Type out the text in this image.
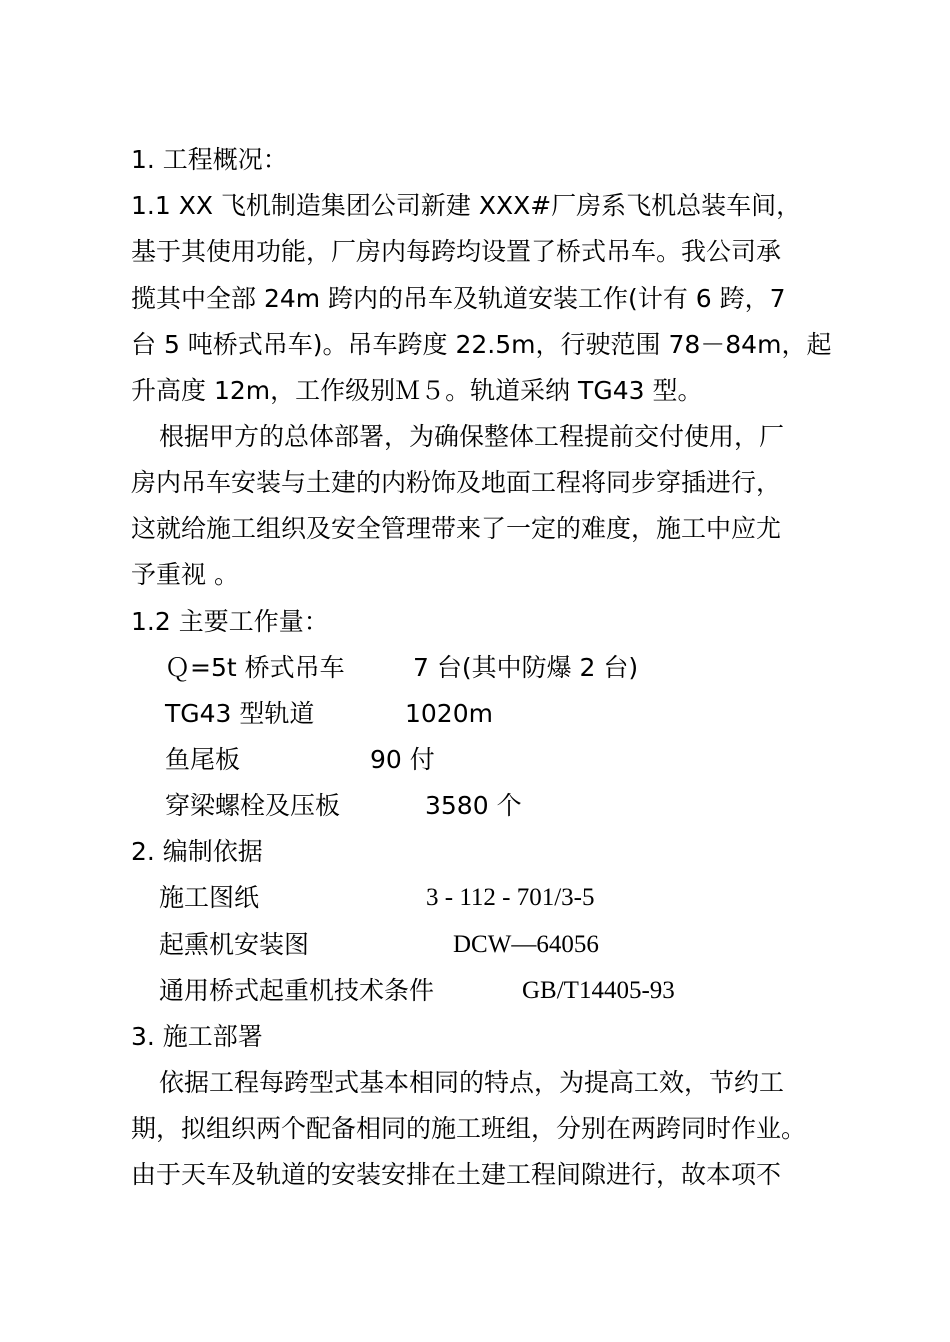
1. 工程概况：
1.1 XX 飞机制造集团公司新建 XXX#厂房系飞机总装车间，
基于其使用功能，厂房内每跨均设置了桥式吊车。我公司承
揽其中全部 24m 跨内的吊车及轨道安装工作(计有 6 跨，7
台 5 吨桥式吊车)。吊车跨度 22.5m，行驶范围 78－84m，起
升高度 12m，工作级别Ｍ５。轨道采纳 TG43 型。
根据甲方的总体部署，为确保整体工程提前交付使用，厂
房内吊车安装与土建的内粉饰及地面工程将同步穿插进行，
这就给施工组织及安全管理带来了一定的难度，施工中应尤
予重视 。
1.2 主要工作量：
Ｑ=5t 桥式吊车	7 台(其中防爆 2 台)
TG43 型轨道	1020m
鱼尾板	90 付
穿梁螺栓及压板	3580 个
2. 编制依据
施工图纸	3 - 112 - 701/3-5
起熏机安装图	DCW—64056
通用桥式起重机技术条件	GB/T14405-93
3. 施工部署
依据工程每跨型式基本相同的特点，为提高工效，节约工
期，拟组织两个配备相同的施工班组，分别在两跨同时作业。
由于天车及轨道的安装安排在土建工程间隙进行，故本项不
